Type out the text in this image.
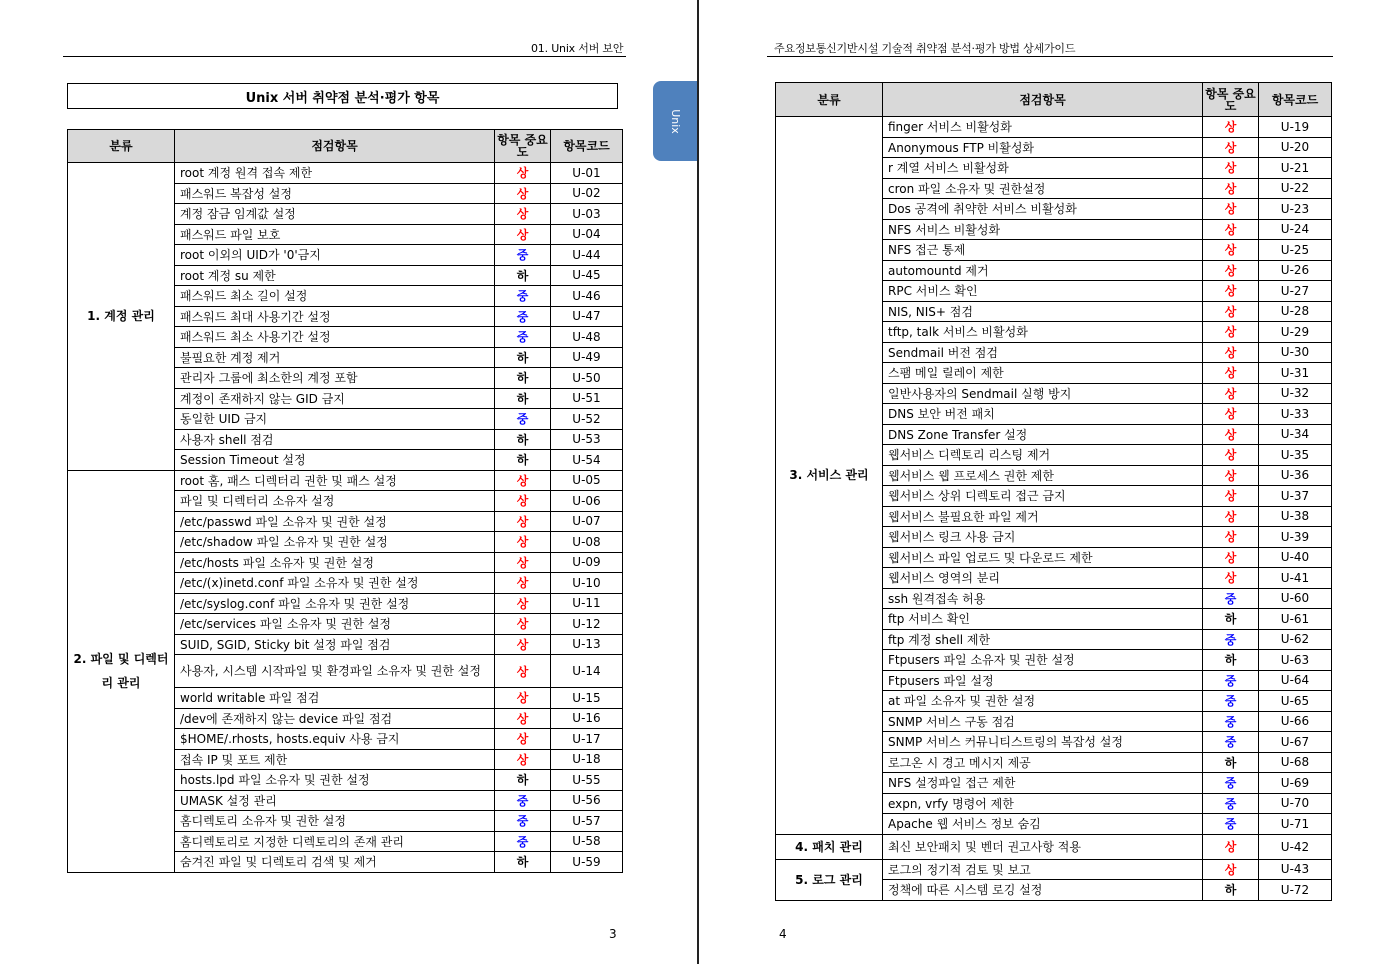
01. Unix 서버 보안
Unix
Unix 서버 취약점 분석·평가 항목
분류	점검항목	항목 중요도	항목코드
1. 계정 관리	root 계정 원격 접속 제한	상	U-01
	패스워드 복잡성 설정	상	U-02
	계정 잠금 임계값 설정	상	U-03
	패스워드 파일 보호	상	U-04
	root 이외의 UID가 '0'금지	중	U-44
	root 계정 su 제한	하	U-45
	패스워드 최소 길이 설정	중	U-46
	패스워드 최대 사용기간 설정	중	U-47
	패스워드 최소 사용기간 설정	중	U-48
	불필요한 계정 제거	하	U-49
	관리자 그룹에 최소한의 계정 포함	하	U-50
	계정이 존재하지 않는 GID 금지	하	U-51
	동일한 UID 금지	중	U-52
	사용자 shell 점검	하	U-53
	Session Timeout 설정	하	U-54
2. 파일 및 디렉터리 관리	root 홈, 패스 디렉터리 권한 및 패스 설정	상	U-05
	파일 및 디렉터리 소유자 설정	상	U-06
	/etc/passwd 파일 소유자 및 권한 설정	상	U-07
	/etc/shadow 파일 소유자 및 권한 설정	상	U-08
	/etc/hosts 파일 소유자 및 권한 설정	상	U-09
	/etc/(x)inetd.conf 파일 소유자 및 권한 설정	상	U-10
	/etc/syslog.conf 파일 소유자 및 권한 설정	상	U-11
	/etc/services 파일 소유자 및 권한 설정	상	U-12
	SUID, SGID, Sticky bit 설정 파일 점검	상	U-13
	사용자, 시스템 시작파일 및 환경파일 소유자 및 권한 설정	상	U-14
	world writable 파일 점검	상	U-15
	/dev에 존재하지 않는 device 파일 점검	상	U-16
	$HOME/.rhosts, hosts.equiv 사용 금지	상	U-17
	접속 IP 및 포트 제한	상	U-18
	hosts.lpd 파일 소유자 및 권한 설정	하	U-55
	UMASK 설정 관리	중	U-56
	홈디렉토리 소유자 및 권한 설정	중	U-57
	홈디렉토리로 지정한 디렉토리의 존재 관리	중	U-58
	숨겨진 파일 및 디렉토리 검색 및 제거	하	U-59
3
주요정보통신기반시설 기술적 취약점 분석·평가 방법 상세가이드
4
분류	점검항목	항목 중요도	항목코드
3. 서비스 관리	finger 서비스 비활성화	상	U-19
	Anonymous FTP 비활성화	상	U-20
	r 계열 서비스 비활성화	상	U-21
	cron 파일 소유자 및 권한설정	상	U-22
	Dos 공격에 취약한 서비스 비활성화	상	U-23
	NFS 서비스 비활성화	상	U-24
	NFS 접근 통제	상	U-25
	automountd 제거	상	U-26
	RPC 서비스 확인	상	U-27
	NIS, NIS+ 점검	상	U-28
	tftp, talk 서비스 비활성화	상	U-29
	Sendmail 버전 점검	상	U-30
	스팸 메일 릴레이 제한	상	U-31
	일반사용자의 Sendmail 실행 방지	상	U-32
	DNS 보안 버전 패치	상	U-33
	DNS Zone Transfer 설정	상	U-34
	웹서비스 디렉토리 리스팅 제거	상	U-35
	웹서비스 웹 프로세스 권한 제한	상	U-36
	웹서비스 상위 디렉토리 접근 금지	상	U-37
	웹서비스 불필요한 파일 제거	상	U-38
	웹서비스 링크 사용 금지	상	U-39
	웹서비스 파일 업로드 및 다운로드 제한	상	U-40
	웹서비스 영역의 분리	상	U-41
	ssh 원격접속 허용	중	U-60
	ftp 서비스 확인	하	U-61
	ftp 계정 shell 제한	중	U-62
	Ftpusers 파일 소유자 및 권한 설정	하	U-63
	Ftpusers 파일 설정	중	U-64
	at 파일 소유자 및 권한 설정	중	U-65
	SNMP 서비스 구동 점검	중	U-66
	SNMP 서비스 커뮤니티스트링의 복잡성 설정	중	U-67
	로그온 시 경고 메시지 제공	하	U-68
	NFS 설정파일 접근 제한	중	U-69
	expn, vrfy 명령어 제한	중	U-70
	Apache 웹 서비스 정보 숨김	중	U-71
4. 패치 관리	최신 보안패치 및 벤더 권고사항 적용	상	U-42
5. 로그 관리	로그의 정기적 검토 및 보고	상	U-43
	정책에 따른 시스템 로깅 설정	하	U-72
